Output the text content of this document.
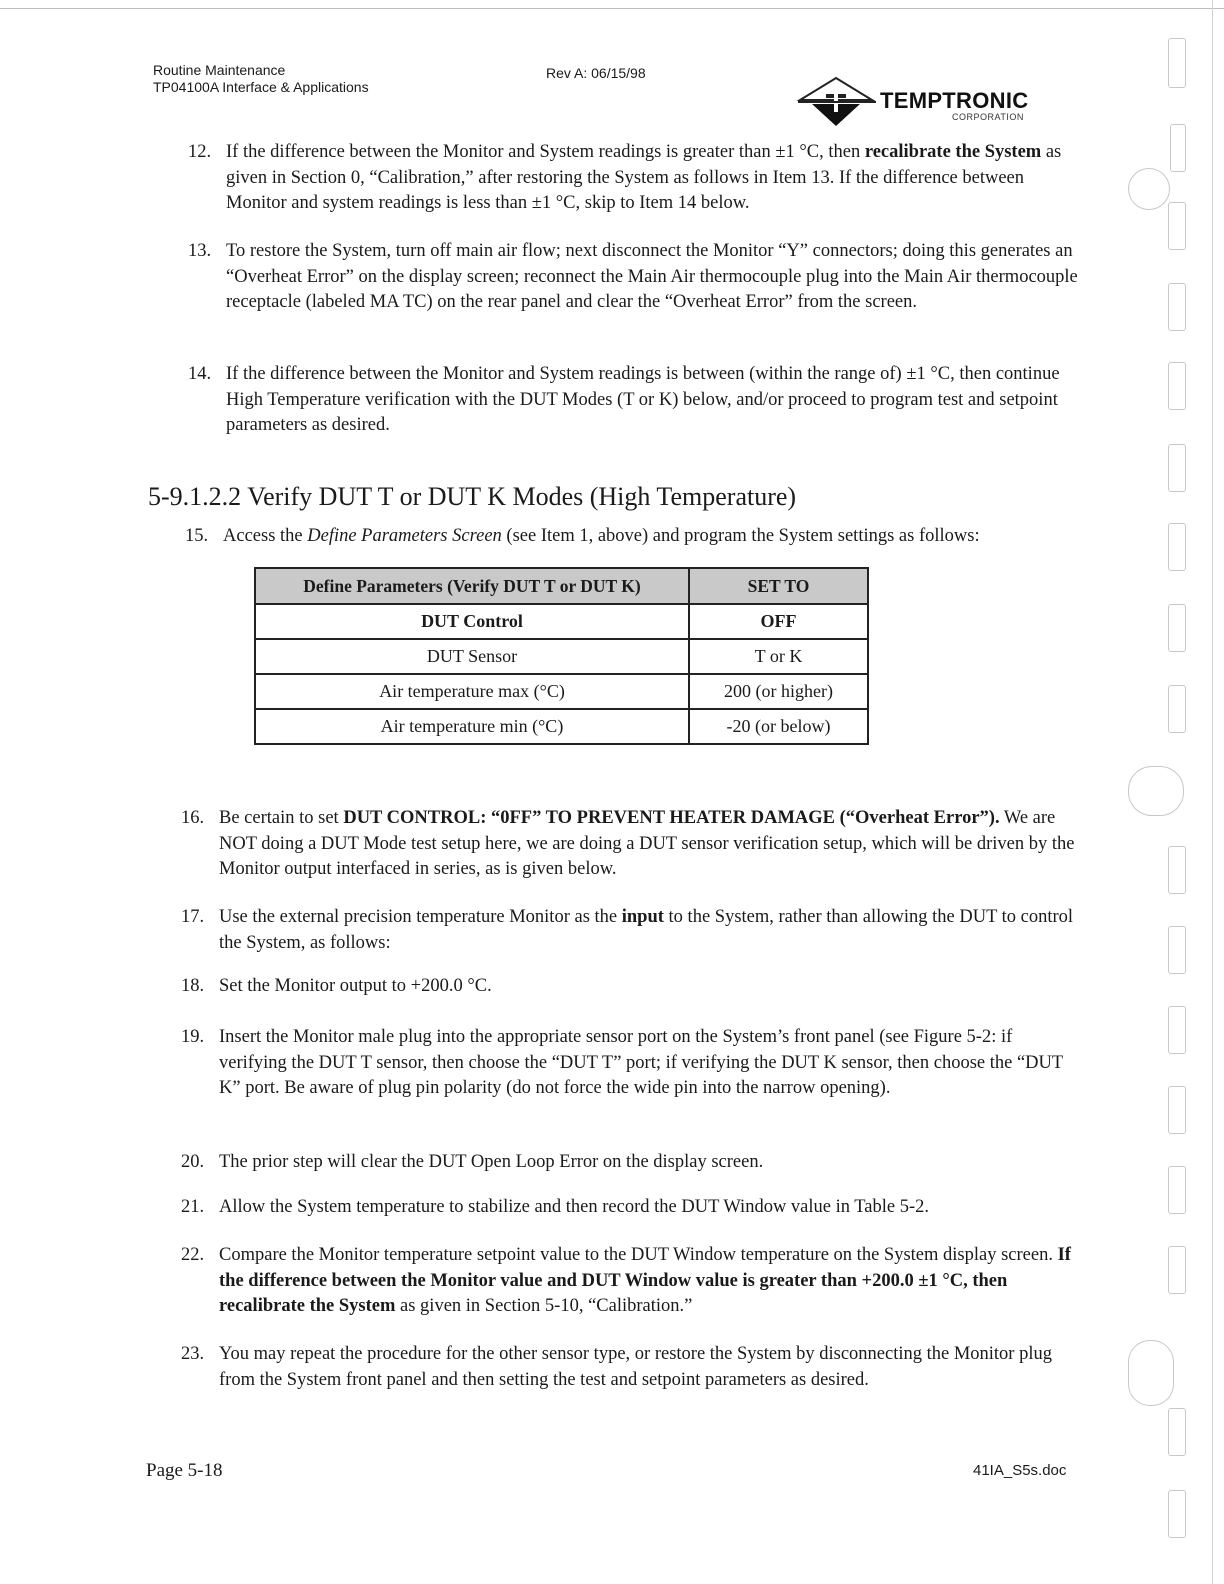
Routine Maintenance
TP04100A Interface & Applications
Rev A: 06/15/98
TEMPTRONIC
CORPORATION
12. If the difference between the Monitor and System readings is greater than ±1 °C, then recalibrate the System as given in Section 0, “Calibration,” after restoring the System as follows in Item 13. If the difference between Monitor and system readings is less than ±1 °C, skip to Item 14 below.
13. To restore the System, turn off main air flow; next disconnect the Monitor “Y” connectors; doing this generates an “Overheat Error” on the display screen; reconnect the Main Air thermocouple plug into the Main Air thermocouple receptacle (labeled MA TC) on the rear panel and clear the “Overheat Error” from the screen.
14. If the difference between the Monitor and System readings is between (within the range of) ±1 °C, then continue High Temperature verification with the DUT Modes (T or K) below, and/or proceed to program test and setpoint parameters as desired.
5-9.1.2.2 Verify DUT T or DUT K Modes (High Temperature)
15. Access the Define Parameters Screen (see Item 1, above) and program the System settings as follows:
Define Parameters (Verify DUT T or DUT K)	SET TO
DUT Control	OFF
DUT Sensor	T or K
Air temperature max (°C)	200 (or higher)
Air temperature min (°C)	-20 (or below)
16. Be certain to set DUT CONTROL: “0FF” TO PREVENT HEATER DAMAGE (“Overheat Error”). We are NOT doing a DUT Mode test setup here, we are doing a DUT sensor verification setup, which will be driven by the Monitor output interfaced in series, as is given below.
17. Use the external precision temperature Monitor as the input to the System, rather than allowing the DUT to control the System, as follows:
18. Set the Monitor output to +200.0 °C.
19. Insert the Monitor male plug into the appropriate sensor port on the System’s front panel (see Figure 5-2: if verifying the DUT T sensor, then choose the “DUT T” port; if verifying the DUT K sensor, then choose the “DUT K” port. Be aware of plug pin polarity (do not force the wide pin into the narrow opening).
20. The prior step will clear the DUT Open Loop Error on the display screen.
21. Allow the System temperature to stabilize and then record the DUT Window value in Table 5-2.
22. Compare the Monitor temperature setpoint value to the DUT Window temperature on the System display screen. If the difference between the Monitor value and DUT Window value is greater than +200.0 ±1 °C, then recalibrate the System as given in Section 5-10, “Calibration.”
23. You may repeat the procedure for the other sensor type, or restore the System by disconnecting the Monitor plug from the System front panel and then setting the test and setpoint parameters as desired.
Page 5-18	41IA_S5s.doc
